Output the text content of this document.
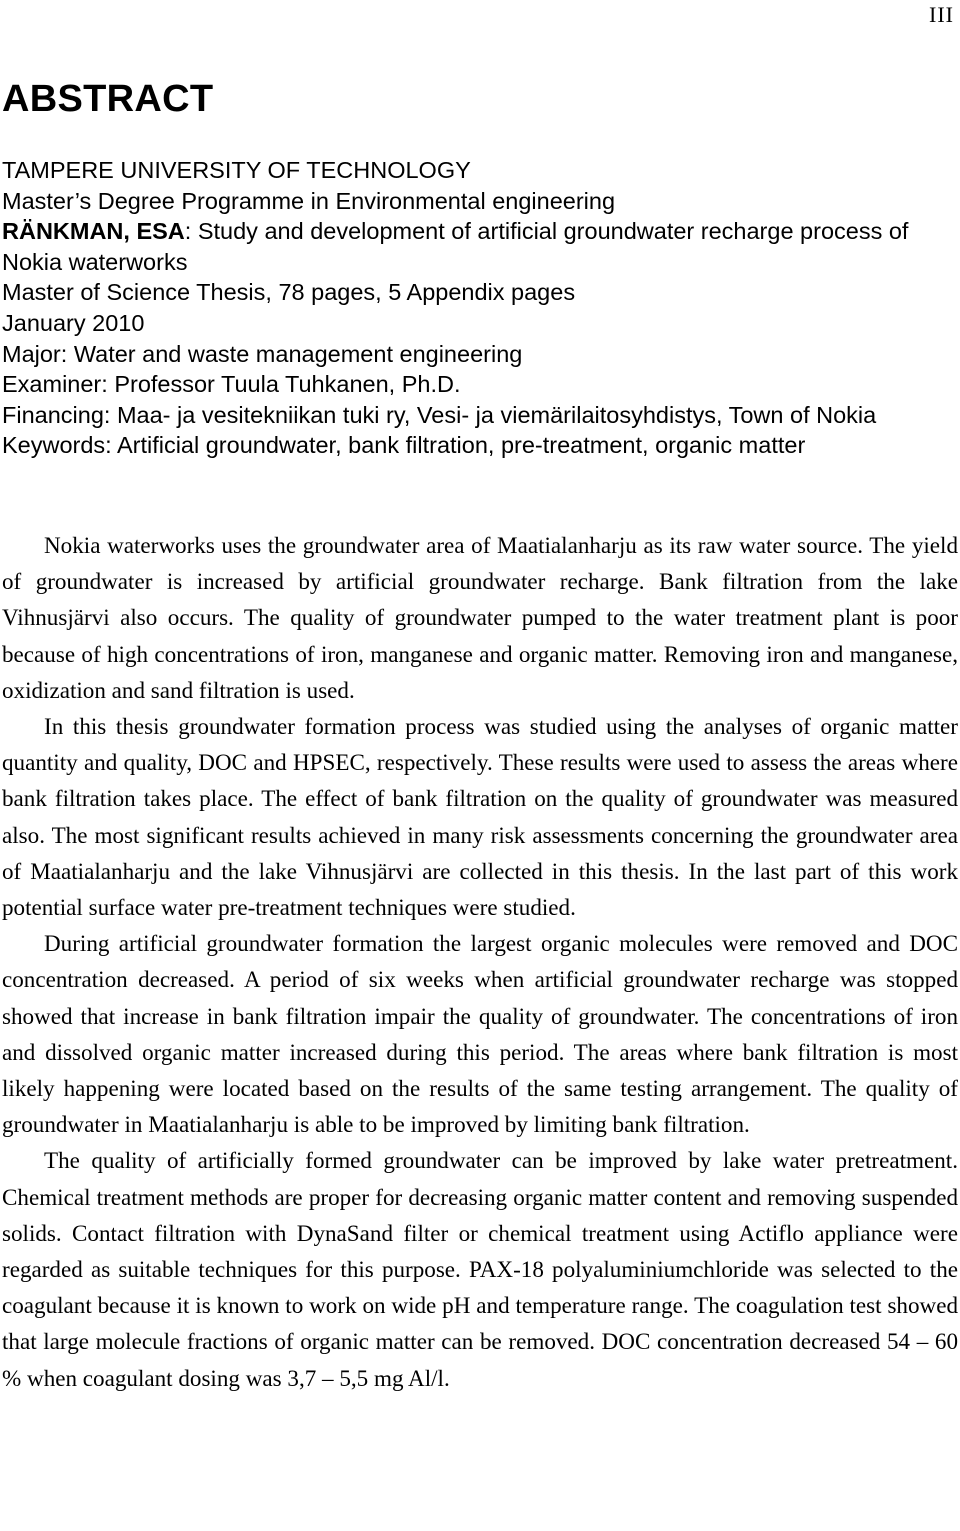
III
ABSTRACT
TAMPERE UNIVERSITY OF TECHNOLOGY
Master’s Degree Programme in Environmental engineering
RÄNKMAN, ESA: Study and development of artificial groundwater recharge process of Nokia waterworks
Master of Science Thesis, 78 pages, 5 Appendix pages
January 2010
Major: Water and waste management engineering
Examiner: Professor Tuula Tuhkanen, Ph.D.
Financing: Maa- ja vesitekniikan tuki ry, Vesi- ja viemärilaitosyhdistys, Town of Nokia
Keywords: Artificial groundwater, bank filtration, pre-treatment, organic matter

Nokia waterworks uses the groundwater area of Maatialanharju as its raw water source. The yield of groundwater is increased by artificial groundwater recharge. Bank filtration from the lake Vihnusjärvi also occurs. The quality of groundwater pumped to the water treatment plant is poor because of high concentrations of iron, manganese and organic matter. Removing iron and manganese, oxidization and sand filtration is used.

In this thesis groundwater formation process was studied using the analyses of organic matter quantity and quality, DOC and HPSEC, respectively. These results were used to assess the areas where bank filtration takes place. The effect of bank filtration on the quality of groundwater was measured also. The most significant results achieved in many risk assessments concerning the groundwater area of Maatialanharju and the lake Vihnusjärvi are collected in this thesis. In the last part of this work potential surface water pre-treatment techniques were studied.

During artificial groundwater formation the largest organic molecules were removed and DOC concentration decreased. A period of six weeks when artificial groundwater recharge was stopped showed that increase in bank filtration impair the quality of groundwater. The concentrations of iron and dissolved organic matter increased during this period. The areas where bank filtration is most likely happening were located based on the results of the same testing arrangement. The quality of groundwater in Maatialanharju is able to be improved by limiting bank filtration.

The quality of artificially formed groundwater can be improved by lake water pretreatment. Chemical treatment methods are proper for decreasing organic matter content and removing suspended solids. Contact filtration with DynaSand filter or chemical treatment using Actiflo appliance were regarded as suitable techniques for this purpose. PAX-18 polyaluminiumchloride was selected to the coagulant because it is known to work on wide pH and temperature range. The coagulation test showed that large molecule fractions of organic matter can be removed. DOC concentration decreased 54 – 60 % when coagulant dosing was 3,7 – 5,5 mg Al/l.
